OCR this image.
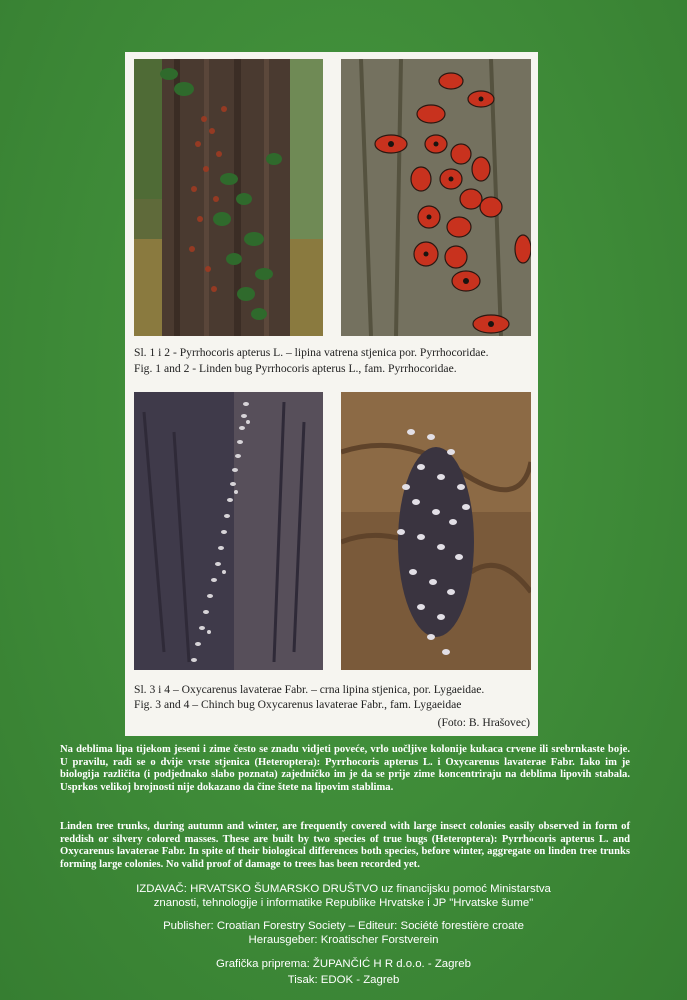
Sl. 1 i 2 - Pyrrhocoris apterus L. – lipina vatrena stjenica por. Pyrrhocoridae.
Fig. 1 and 2 - Linden bug Pyrrhocoris apterus L., fam. Pyrrhocoridae.
Sl. 3 i 4 – Oxycarenus lavaterae Fabr. – crna lipina stjenica, por. Lygaeidae.
Fig. 3 and 4 – Chinch bug Oxycarenus lavaterae Fabr., fam. Lygaeidae
(Foto: B. Hrašovec)
Na deblima lipa tijekom jeseni i zime često se znadu vidjeti povećе, vrlo uočljive kolonije kukaca crvene ili srebrnkaste boje. U pravilu, radi se o dvije vrste stjenica (Heteroptera): Pyrrhocoris apterus L. i Oxycarenus lavaterae Fabr. Iako im je biologija različita (i podjednako slabo poznata) zajedničko im je da se prije zime koncentriraju na deblima lipovih stabala. Usprkos velikoj brojnosti nije dokazano da čine štete na lipovim stablima.
Linden tree trunks, during autumn and winter, are frequently covered with large insect colonies easily observed in form of reddish or silvery colored masses. These are built by two species of true bugs (Heteroptera): Pyrrhocoris apterus L. and Oxycarenus lavaterae Fabr. In spite of their biological differences both species, before winter, aggregate on linden tree trunks forming large colonies. No valid proof of damage to trees has been recorded yet.
IZDAVAČ: HRVATSKO ŠUMARSKO DRUŠTVO uz financijsku pomoć Ministarstva
znanosti, tehnologije i informatike Republike Hrvatske i JP "Hrvatske šume"
Publisher: Croatian Forestry Society – Editeur: Société forestière croate
Herausgeber: Kroatischer Forstverein
Grafička priprema: ŽUPANČIĆ H R d.o.o. - Zagreb
Tisak: EDOK - Zagreb
